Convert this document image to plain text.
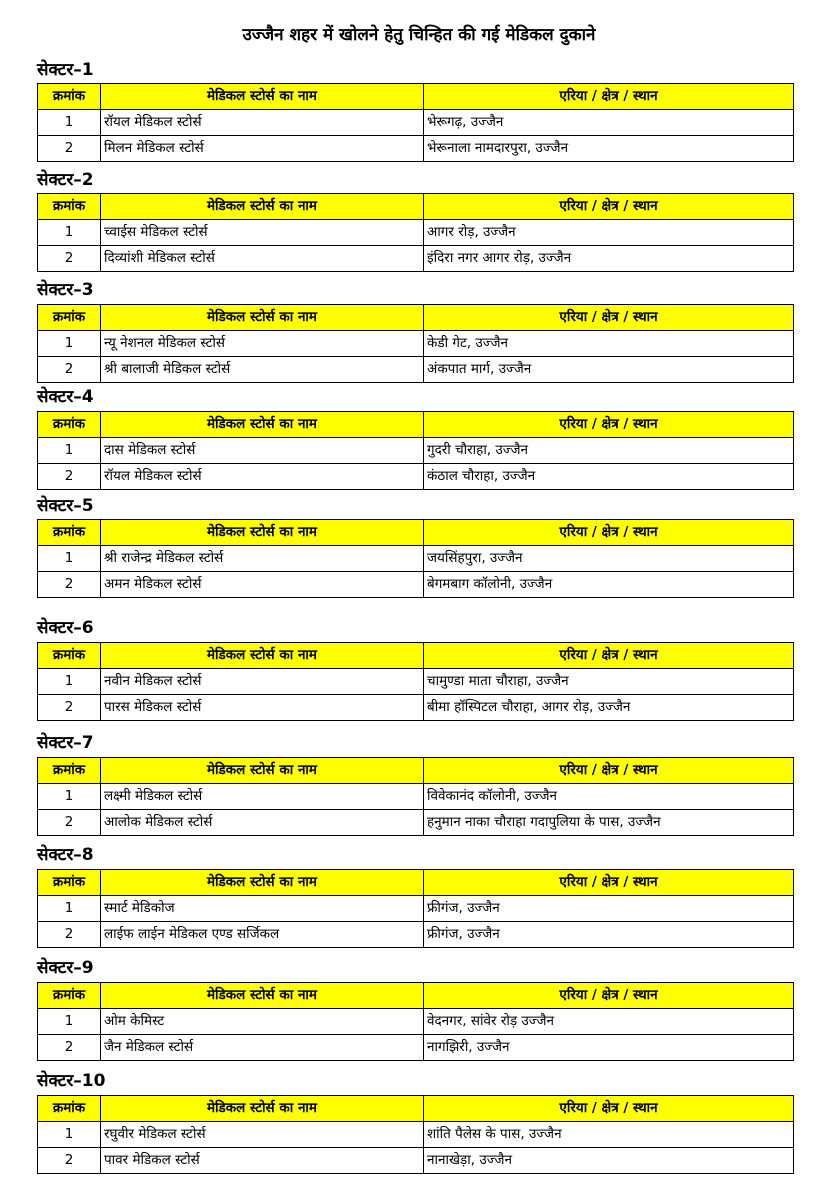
उज्जैन शहर में खोलने हेतु चिन्हित की गई मेडिकल दुकाने
सेक्टर–1
क्रमांक	मेडिकल स्टोर्स का नाम	एरिया / क्षेत्र / स्थान
1	रॉयल मेडिकल स्टोर्स	भेरूगढ़, उज्जैन
2	मिलन मेडिकल स्टोर्स	भेरूनाला नामदारपुरा, उज्जैन
सेक्टर–2
क्रमांक	मेडिकल स्टोर्स का नाम	एरिया / क्षेत्र / स्थान
1	च्वाईस मेडिकल स्टोर्स	आगर रोड़, उज्जैन
2	दिव्यांशी मेडिकल स्टोर्स	इंदिरा नगर आगर रोड़, उज्जैन
सेक्टर–3
क्रमांक	मेडिकल स्टोर्स का नाम	एरिया / क्षेत्र / स्थान
1	न्यू नेशनल मेडिकल स्टोर्स	केडी गेट, उज्जैन
2	श्री बालाजी मेडिकल स्टोर्स	अंकपात मार्ग, उज्जैन
सेक्टर–4
क्रमांक	मेडिकल स्टोर्स का नाम	एरिया / क्षेत्र / स्थान
1	दास मेडिकल स्टोर्स	गुदरी चौराहा, उज्जैन
2	रॉयल मेडिकल स्टोर्स	कंठाल चौराहा, उज्जैन
सेक्टर–5
क्रमांक	मेडिकल स्टोर्स का नाम	एरिया / क्षेत्र / स्थान
1	श्री राजेन्द्र मेडिकल स्टोर्स	जयसिंहपुरा, उज्जैन
2	अमन मेडिकल स्टोर्स	बेगमबाग कॉलोनी, उज्जैन
सेक्टर–6
क्रमांक	मेडिकल स्टोर्स का नाम	एरिया / क्षेत्र / स्थान
1	नवीन मेडिकल स्टोर्स	चामुण्डा माता चौराहा, उज्जैन
2	पारस मेडिकल स्टोर्स	बीमा हॉस्पिटल चौराहा, आगर रोड़, उज्जैन
सेक्टर–7
क्रमांक	मेडिकल स्टोर्स का नाम	एरिया / क्षेत्र / स्थान
1	लक्ष्मी मेडिकल स्टोर्स	विवेकानंद कॉलोनी, उज्जैन
2	आलोक मेडिकल स्टोर्स	हनुमान नाका चौराहा गदापुलिया के पास, उज्जैन
सेक्टर–8
क्रमांक	मेडिकल स्टोर्स का नाम	एरिया / क्षेत्र / स्थान
1	स्मार्ट मेडिकोज	फ्रीगंज, उज्जैन
2	लाईफ लाईन मेडिकल एण्ड सर्जिकल	फ्रीगंज, उज्जैन
सेक्टर–9
क्रमांक	मेडिकल स्टोर्स का नाम	एरिया / क्षेत्र / स्थान
1	ओम केमिस्ट	वेदनगर, सांवेर रोड़ उज्जैन
2	जैन मेडिकल स्टोर्स	नागझिरी, उज्जैन
सेक्टर–10
क्रमांक	मेडिकल स्टोर्स का नाम	एरिया / क्षेत्र / स्थान
1	रघुवीर मेडिकल स्टोर्स	शांति पैलेस के पास, उज्जैन
2	पावर मेडिकल स्टोर्स	नानाखेड़ा, उज्जैन
